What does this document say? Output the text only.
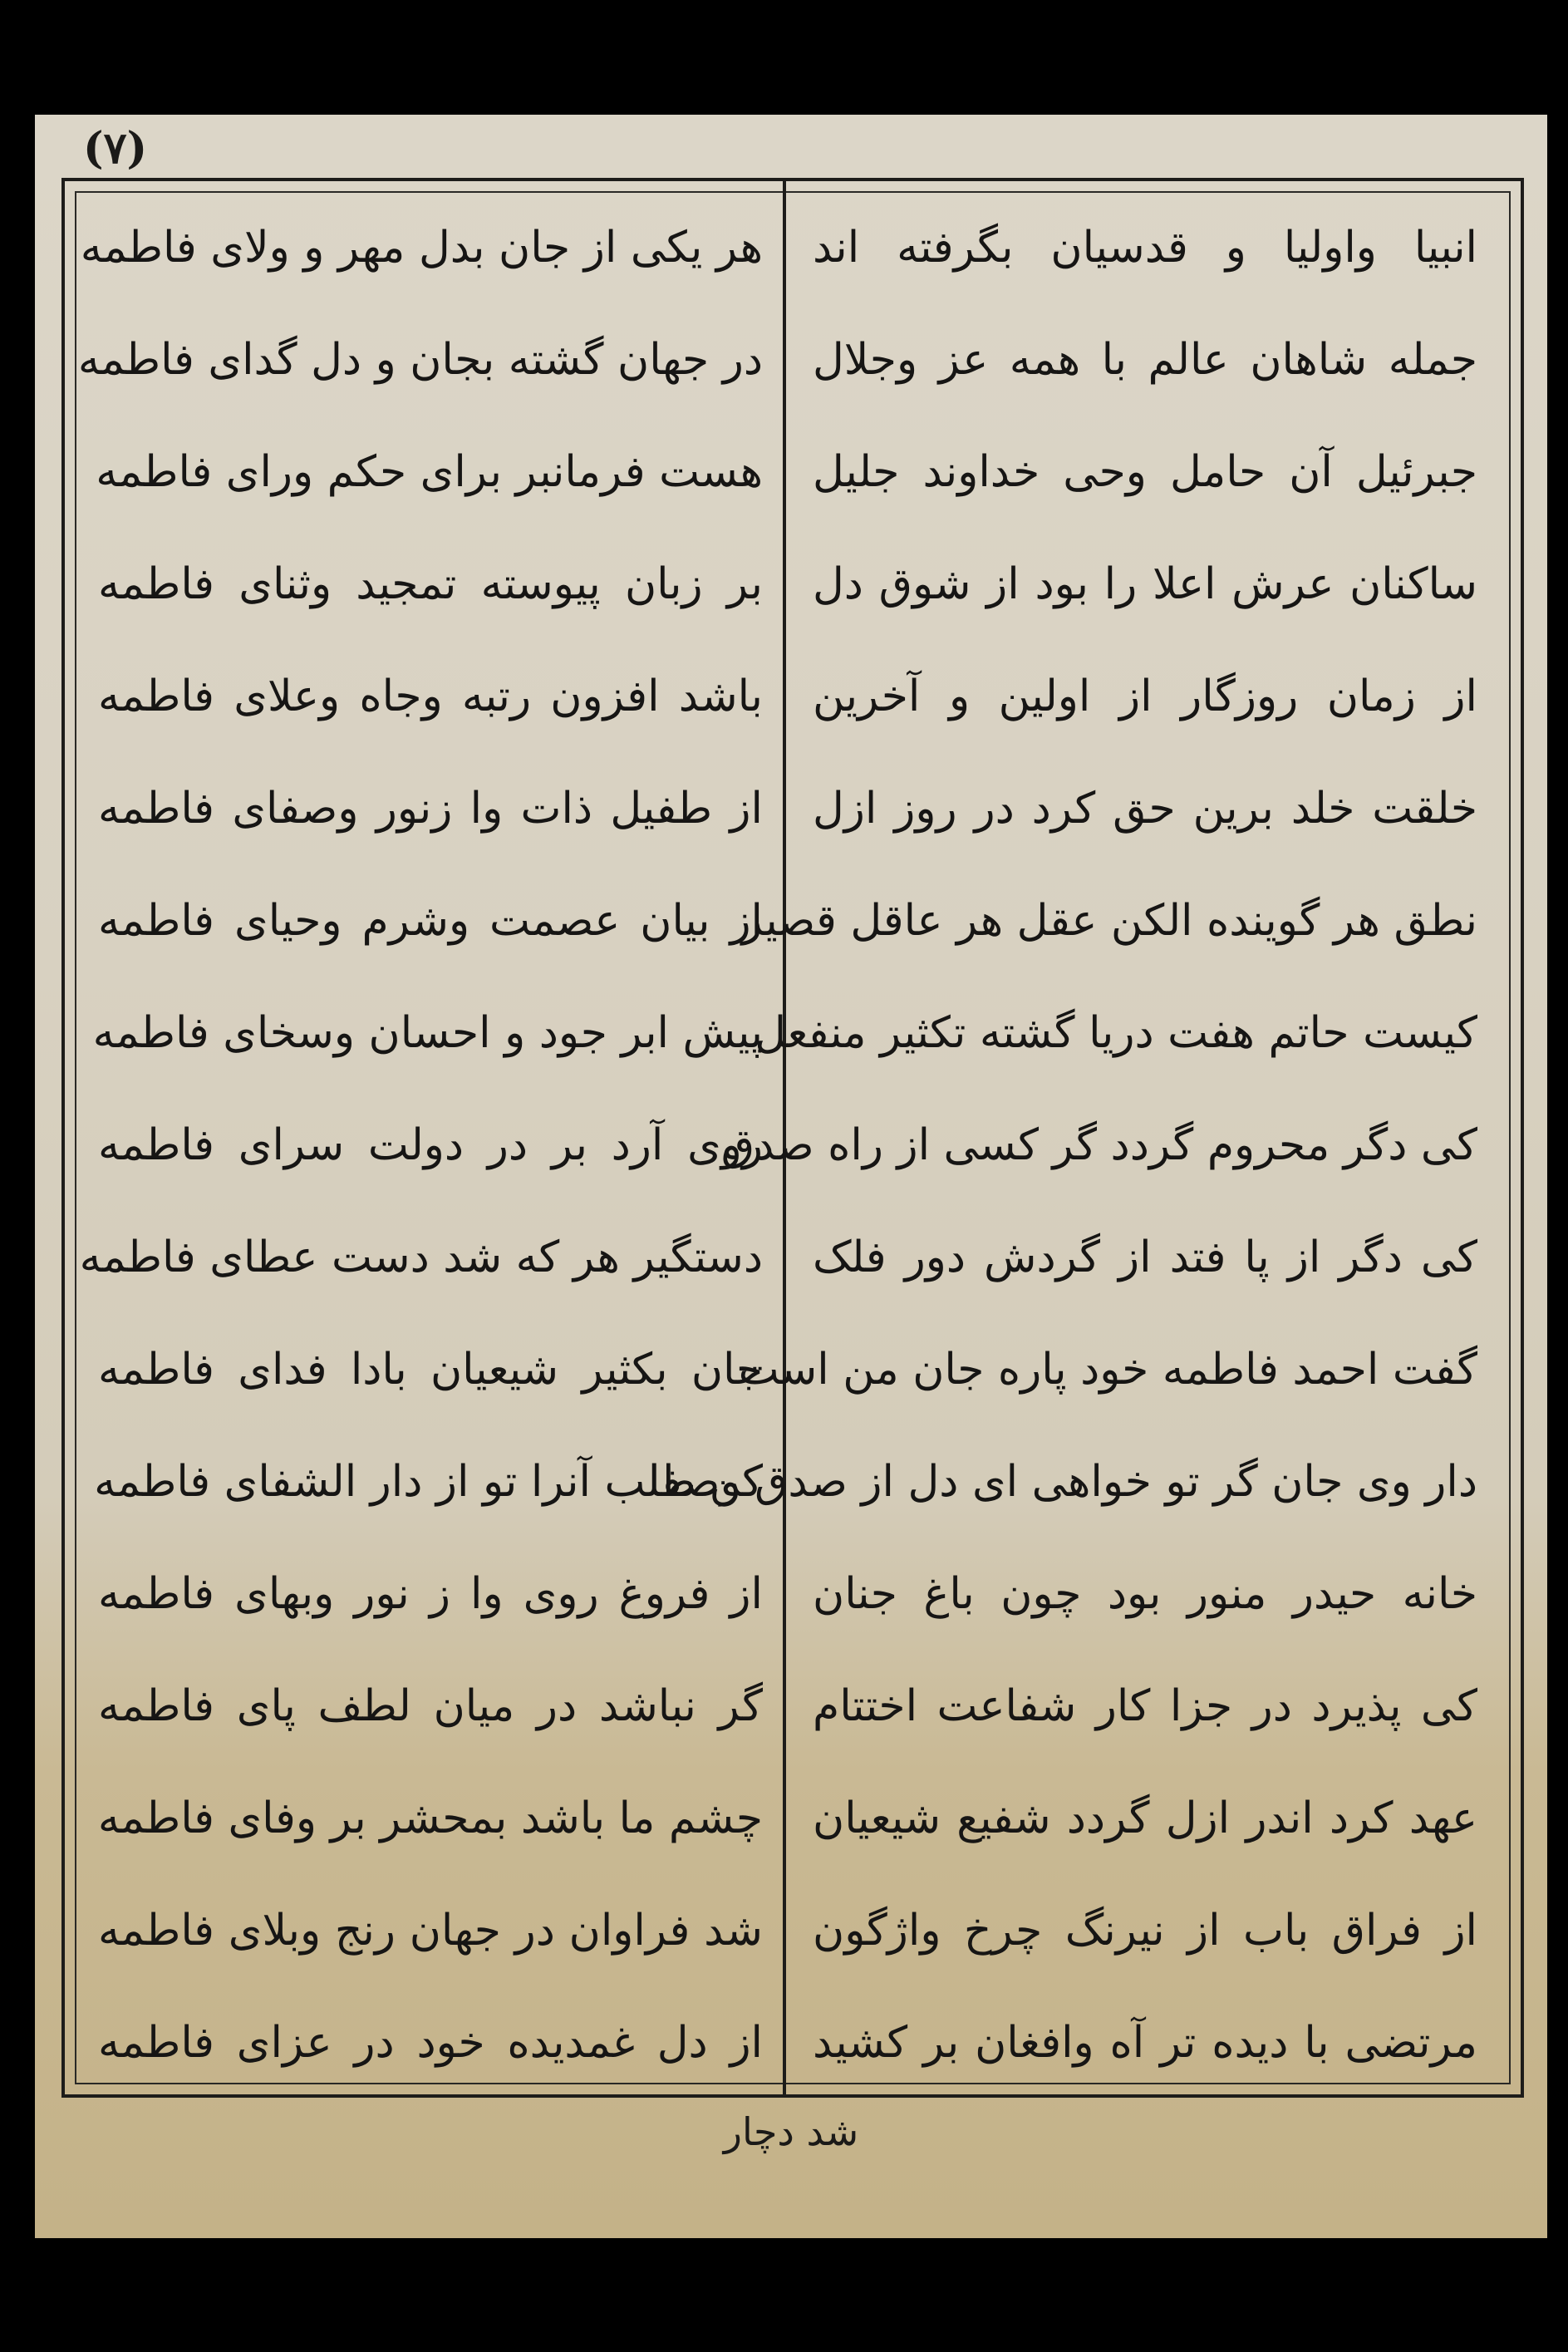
(۷)
انبیا واولیا و قدسیان بگرفته اند
جمله شاهان عالم با همه عز وجلال
جبرئیل آن حامل وحی خداوند جلیل
ساکنان عرش اعلا را بود از شوق دل
از زمان روزگار از اولین و آخرین
خلقت خلد برین حق کرد در روز ازل
نطق هر گوینده الکن عقل هر عاقل قصیر
کیست حاتم هفت دریا گشته تکثیر منفعل
کی دگر محروم گردد گر کسی از راه صدق
کی دگر از پا فتد از گردش دور فلک
گفت احمد فاطمه خود پاره جان من است
دار وی جان گر تو خواهی ای دل از صدق وصفا
خانه حیدر منور بود چون باغ جنان
کی پذیرد در جزا کار شفاعت اختتام
عهد کرد اندر ازل گردد شفیع شیعیان
از فراق باب از نیرنگ چرخ واژگون
مرتضی با دیده تر آه وافغان بر کشید
هر یکی از جان بدل مهر و ولای فاطمه
در جهان گشته بجان و دل گدای فاطمه
هست فرمانبر برای حکم ورای فاطمه
بر زبان پیوسته تمجید وثنای فاطمه
باشد افزون رتبه وجاه وعلای فاطمه
از طفیل ذات وا زنور وصفای فاطمه
از بیان عصمت وشرم وحیای فاطمه
پیش ابر جود و احسان وسخای فاطمه
روی آرد بر در دولت سرای فاطمه
دستگیر هر که شد دست عطای فاطمه
جان بکثیر شیعیان بادا فدای فاطمه
کن طلب آنرا تو از دار الشفای فاطمه
از فروغ روی وا ز نور وبهای فاطمه
گر نباشد در میان لطف پای فاطمه
چشم ما باشد بمحشر بر وفای فاطمه
شد فراوان در جهان رنج وبلای فاطمه
از دل غمدیده خود در عزای فاطمه
شد دچار
